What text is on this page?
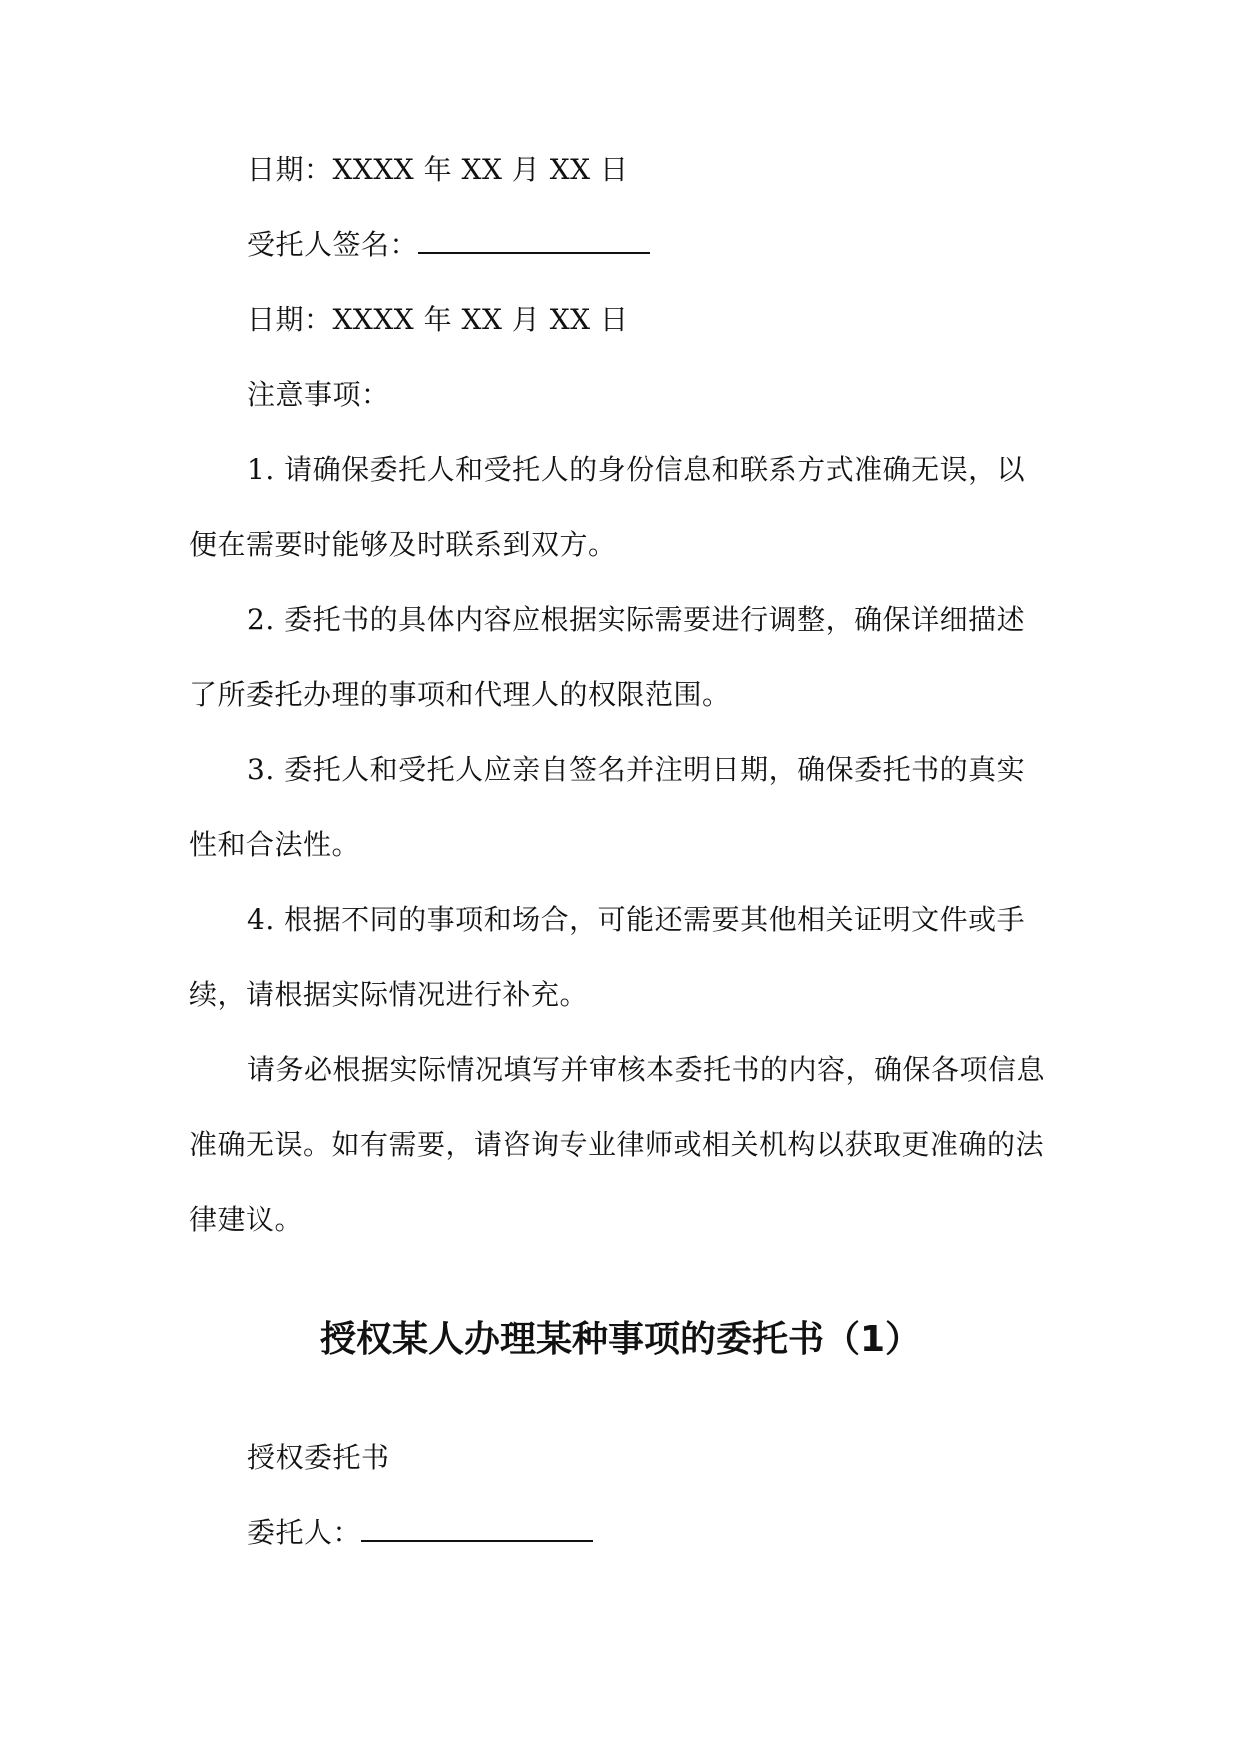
日期：XXXX 年 XX 月 XX 日
受托人签名：
日期：XXXX 年 XX 月 XX 日
注意事项：
1. 请确保委托人和受托人的身份信息和联系方式准确无误，以
便在需要时能够及时联系到双方。
2. 委托书的具体内容应根据实际需要进行调整，确保详细描述
了所委托办理的事项和代理人的权限范围。
3. 委托人和受托人应亲自签名并注明日期，确保委托书的真实
性和合法性。
4. 根据不同的事项和场合，可能还需要其他相关证明文件或手
续，请根据实际情况进行补充。
请务必根据实际情况填写并审核本委托书的内容，确保各项信息
准确无误。如有需要，请咨询专业律师或相关机构以获取更准确的法
律建议。
授权某人办理某种事项的委托书（1）
授权委托书
委托人：
